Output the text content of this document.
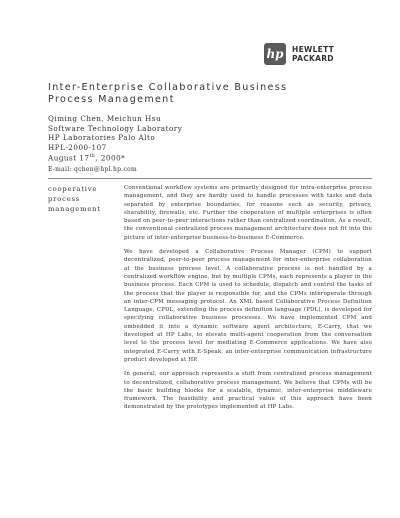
hp HEWLETT
PACKARD
Inter-Enterprise Collaborative Business
Process Management
Qiming Chen, Meichun Hsu
Software Technology Laboratory
HP Laboratories Palo Alto
HPL-2000-107
August 17th, 2000*
E-mail: qchen@hpl.hp.com
cooperative
process
management

Conventional workflow systems are primarily designed for intra-enterprise process management, and they are hardly used to handle processes with tasks and data separated by enterprise boundaries, for reasons such as security, privacy, sharability, firewalls, etc. Further the cooperation of multiple enterprises is often based on peer-to-peer interactions rather than centralized coordination. As a result, the conventional centralized process management architecture does not fit into the picture of inter-enterprise business-to-business E-Commerce.

We have developed a Collaborative Process Manager (CPM) to support decentralized, peer-to-peer process management for inter-enterprise collaboration at the business process level. A collaborative process is not handled by a centralized workflow engine, but by multiple CPMs, each represents a player in the business process. Each CPM is used to schedule, dispatch and control the tasks of the process that the player is responsible for, and the CPMs interoperate through an inter-CPM messaging protocol. An XML based Collaborative Process Definition Language, CPDL, extending the process definition language (PDL), is developed for specifying collaborative business processes. We have implemented CPM and embedded it into a dynamic software agent architecture, E-Carry, that we developed at HP Labs, to elevate multi-agent cooperation from the conversation level to the process level for mediating E-Commerce applications. We have also integrated E-Carry with E-Speak, an inter-enterprise communication infrastructure product developed at HP.

In general, our approach represents a shift from centralized process management to decentralized, collaborative process management. We believe that CPMs will be the basic building blocks for a scalable, dynamic, inter-enterprise middleware framework. The feasibility and practical value of this approach have been demonstrated by the prototypes implemented at HP Labs.
